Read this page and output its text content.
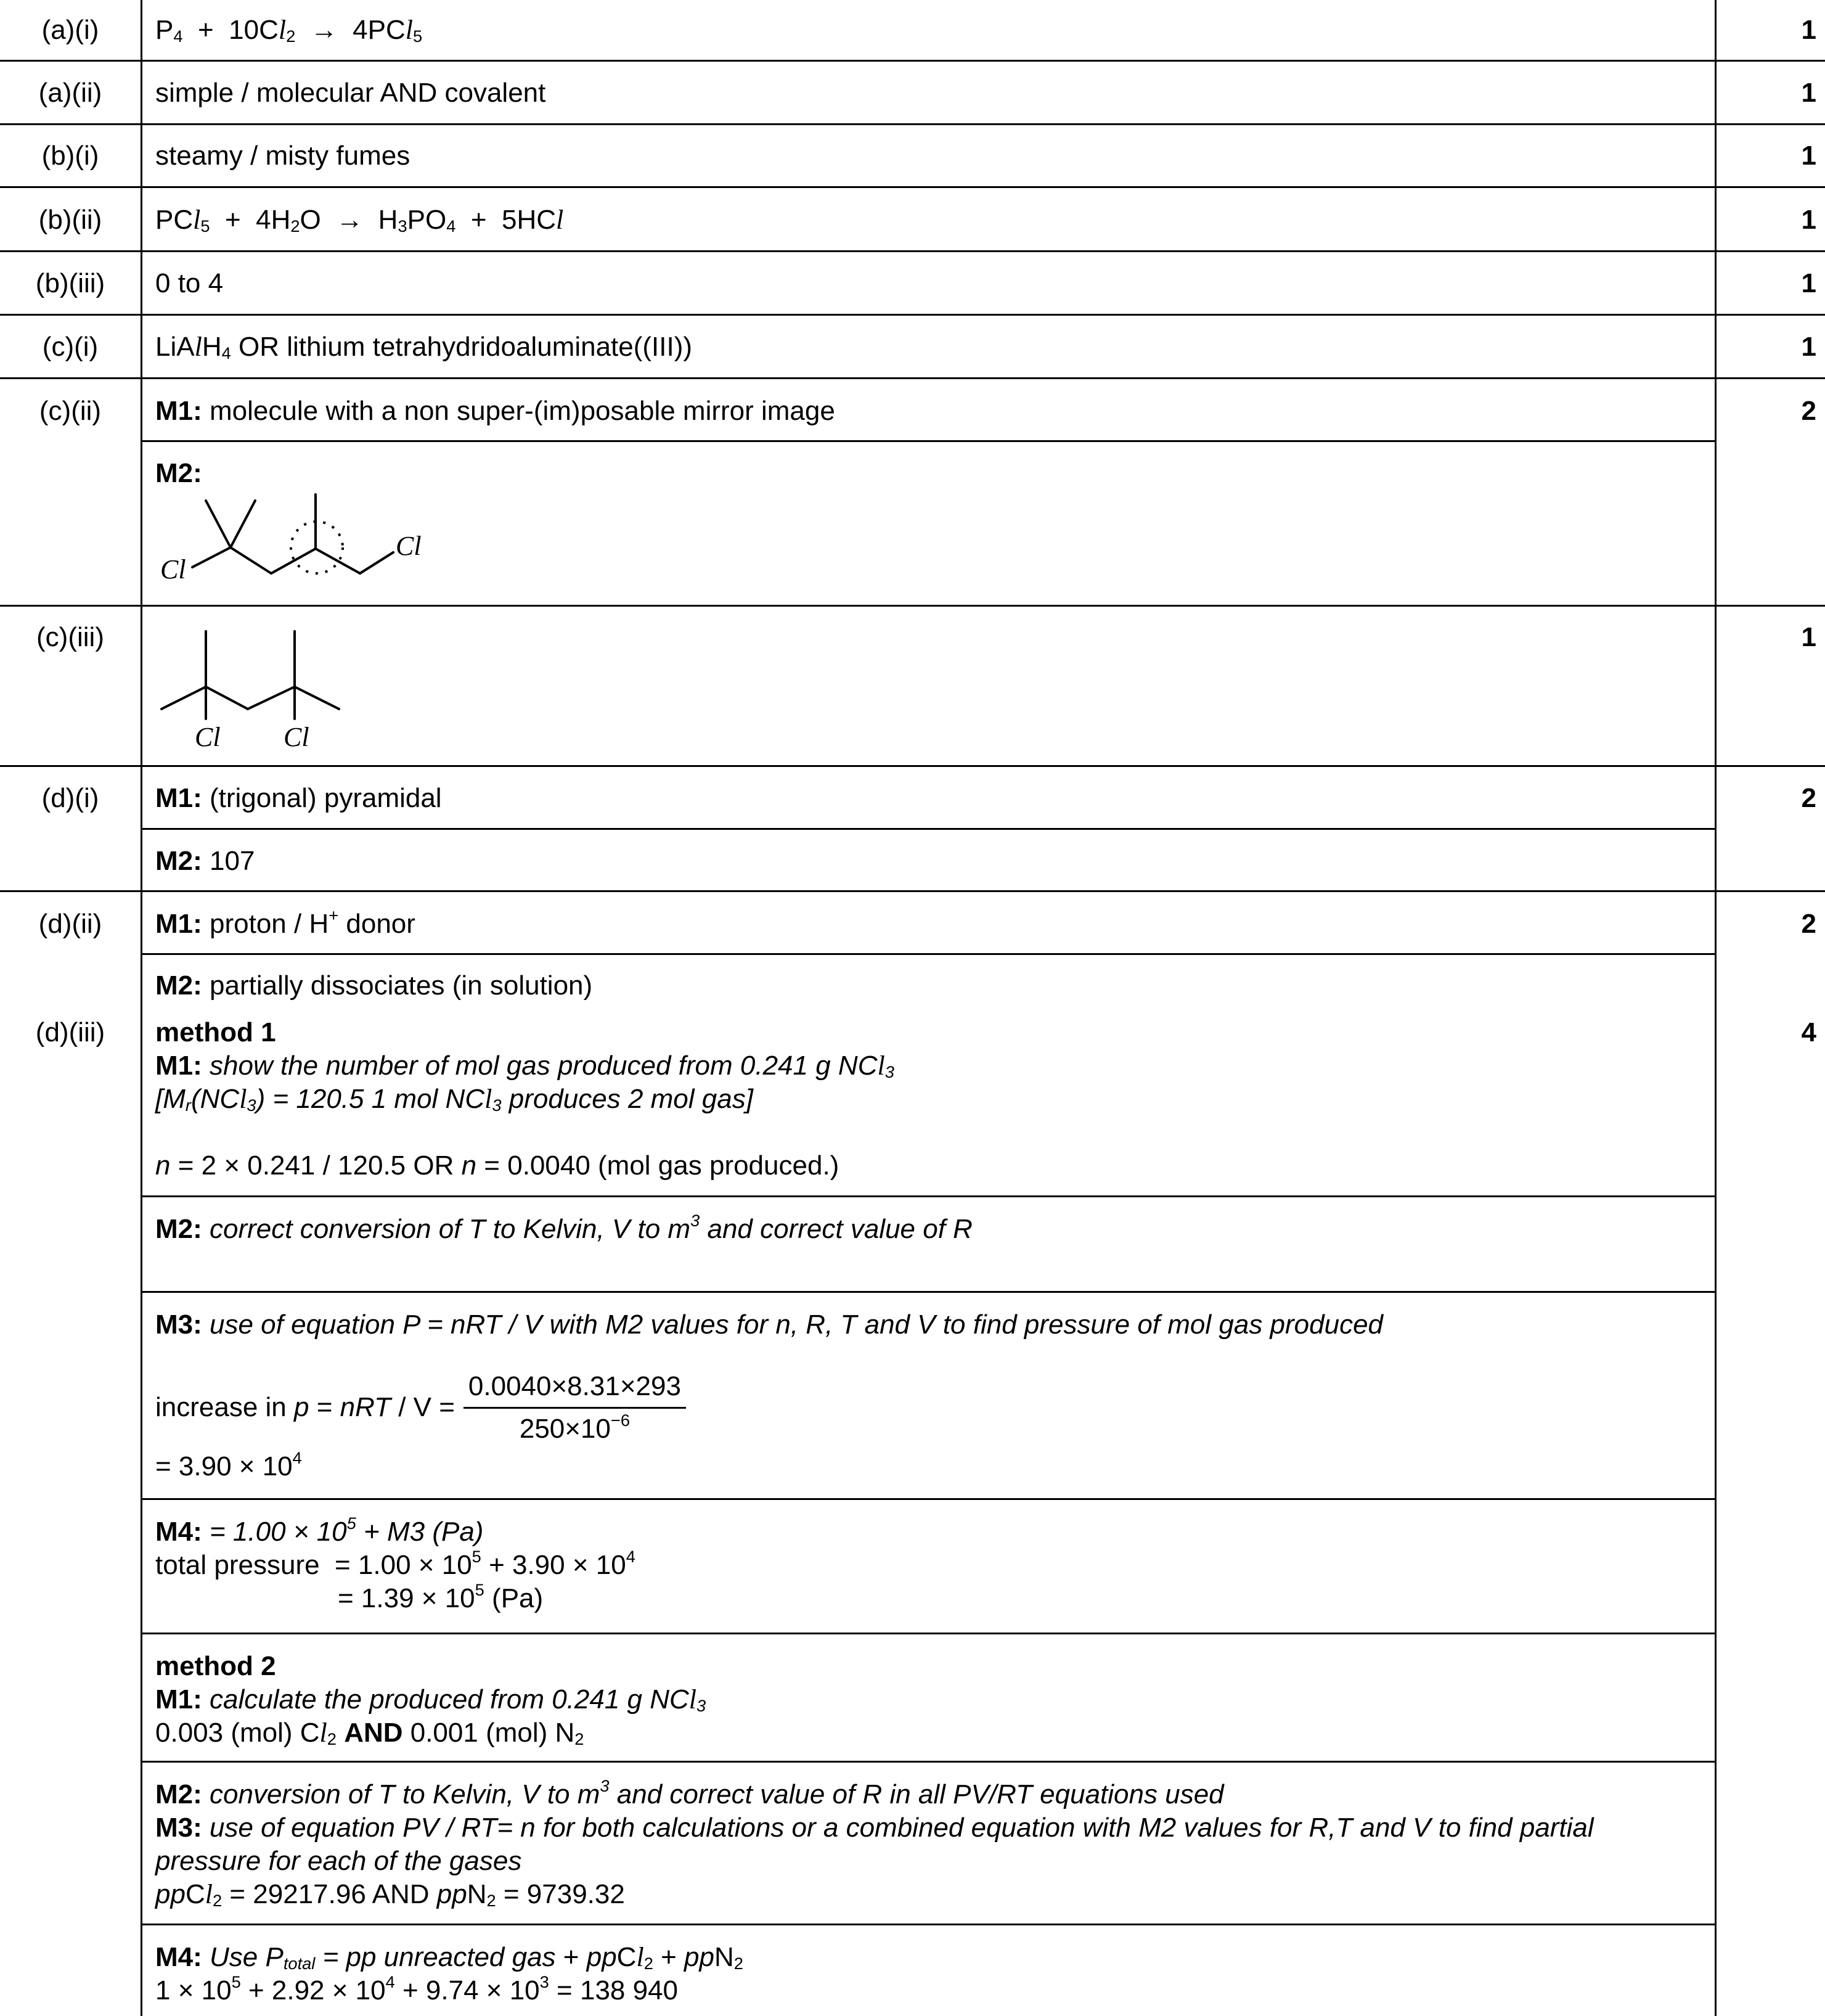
(a)(i)	$P_4 + 10Cl_2 \to 4PCl_5$	1
(a)(ii)	simple / molecular AND covalent	1
(b)(i)	steamy / misty fumes	1
(b)(ii)	$PCl_5 + 4H_2O \to H_3PO_4 + 5HCl$	1
(b)(iii)	0 to 4	1
(c)(i)	LiAlH$_4$ OR lithium tetrahydridoaluminate((III))	1
(c)(ii)	M1: molecule with a non super-(im)posable mirror image	2
M2:
Cl
Cl
(c)(iii)	1
Cl Cl
(d)(i)	M1: (trigonal) pyramidal	2
M2: 107
(d)(ii)	M1: proton / H+ donor	2
M2: partially dissociates (in solution)
(d)(iii)	4
method 1
M1: show the number of mol gas produced from 0.241 g NCl$_3$
[$M_r(NCl_3) = 120.5$ 1 mol NCl$_3$ produces 2 mol gas]

n = 2 × 0.241 / 120.5 OR n = 0.0040 (mol gas produced.)
M2: correct conversion of T to Kelvin, V to $m^3$ and correct value of R
M3: use of equation P = nRT / V with M2 values for n, R, T and V to find pressure of mol gas produced
increase in p = nRT / $V = \frac{0.0040\times 8.31\times 293}{250\times 10^{-6}}$
= $3.90 \times 10^4$
M4: = $1.00 \times 10^5 + M3$ (Pa)
total pressure  = $1.00 \times 10^5 + 3.90 \times 10^4$
= $1.39 \times 10^5$ (Pa)
method 2
M1: calculate the produced from 0.241 g NCl$_3$
0.003 (mol) $Cl_2$ AND 0.001 (mol) $N_2$
M2: conversion of T to Kelvin, V to $m^3$ and correct value of R in all PV/RT equations used
M3: use of equation PV / RT= n for both calculations or a combined equation with M2 values for R,T and V to find partial
pressure for each of the gases
ppCl$_2$ = 29217.96 AND ppN$_2$ = 9739.32
M4: Use $P_{total}$ = pp unreacted gas + ppCl$_2$ + ppN$_2$
$1 \times 10^5 + 2.92 \times 10^4 + 9.74 \times 10^3 = 138$ 940
